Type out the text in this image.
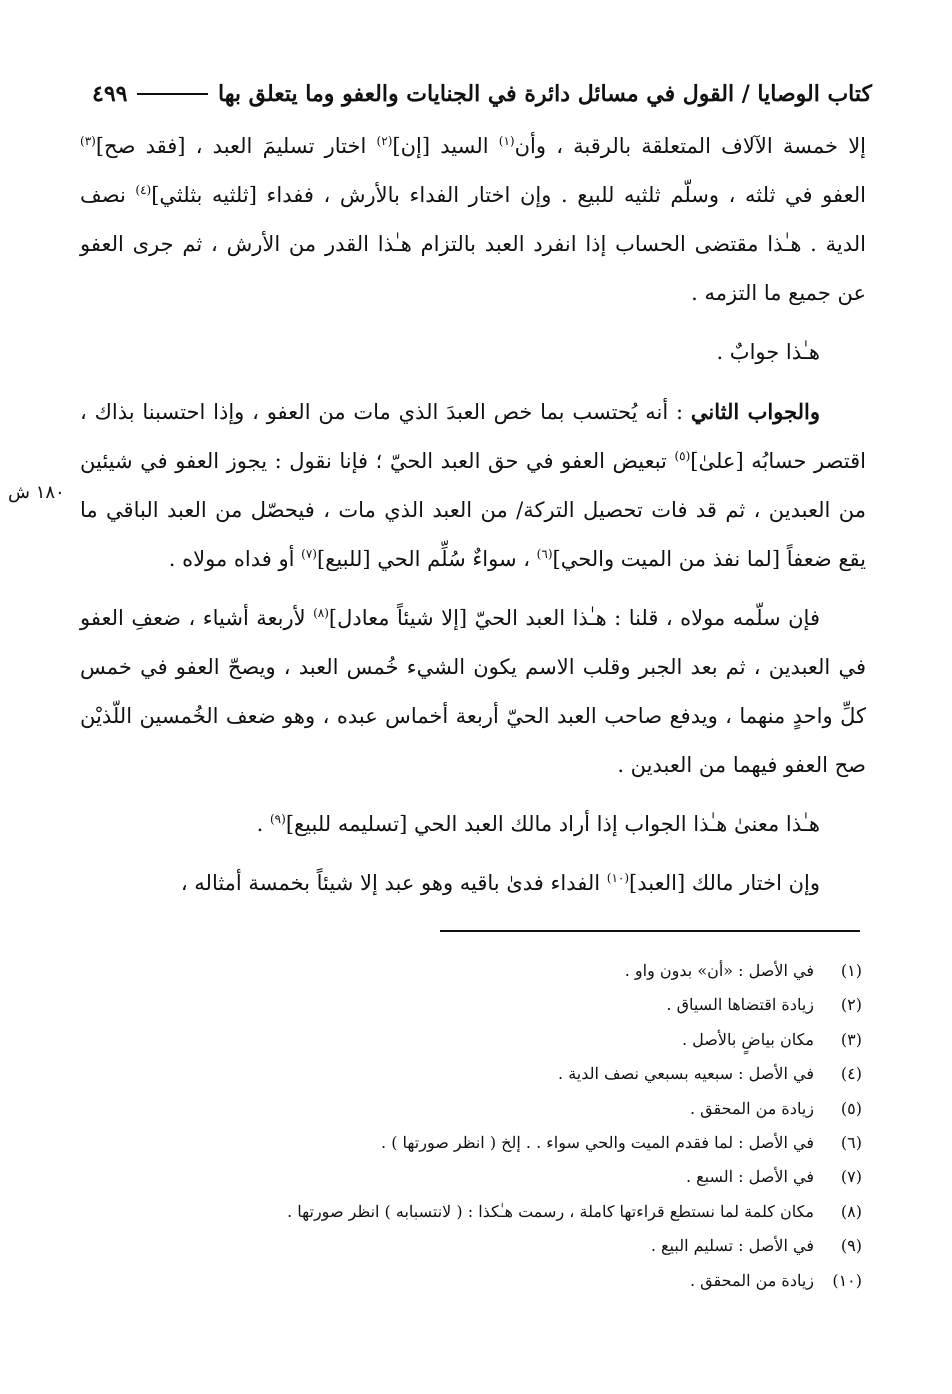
كتاب الوصايا / القول في مسائل دائرة في الجنايات والعفو وما يتعلق بها
٤٩٩
١٨٠ ش

إلا خمسة الآلاف المتعلقة بالرقبة ، وأن$^{(١)}$ السيد [إن]$^{(٢)}$ اختار تسليمَ العبد ، [فقد صح]$^{(٣)}$ العفو في ثلثه ، وسلّم ثلثيه للبيع . وإن اختار الفداء بالأرش ، ففداء [ثلثيه بثلثي]$^{(٤)}$ نصف الدية . هـٰذا مقتضى الحساب إذا انفرد العبد بالتزام هـٰذا القدر من الأرش ، ثم جرى العفو عن جميع ما التزمه .

هـٰذا جوابٌ .

والجواب الثاني : أنه يُحتسب بما خص العبدَ الذي مات من العفو ، وإذا احتسبنا بذاك ، اقتصر حسابُه [علىٰ]$^{(٥)}$ تبعيض العفو في حق العبد الحيّ ؛ فإنا نقول : يجوز العفو في شيئين من العبدين ، ثم قد فات تحصيل التركة/ من العبد الذي مات ، فيحصّل من العبد الباقي ما يقع ضعفاً [لما نفذ من الميت والحي]$^{(٦)}$ ، سواءٌ سُلِّم الحي [للبيع]$^{(٧)}$ أو فداه مولاه .

فإن سلّمه مولاه ، قلنا : هـٰذا العبد الحيّ [إلا شيئاً معادل]$^{(٨)}$ لأربعة أشياء ، ضعفِ العفو في العبدين ، ثم بعد الجبر وقلب الاسم يكون الشيء خُمس العبد ، ويصحّ العفو في خمس كلِّ واحدٍ منهما ، ويدفع صاحب العبد الحيّ أربعة أخماس عبده ، وهو ضعف الخُمسين اللّذيْن صح العفو فيهما من العبدين .

هـٰذا معنىٰ هـٰذا الجواب إذا أراد مالك العبد الحي [تسليمه للبيع]$^{(٩)}$ .

وإن اختار مالك [العبد]$^{(١٠)}$ الفداء فدىٰ باقيه وهو عبد إلا شيئاً بخمسة أمثاله ،

(١)
في الأصل : «أن» بدون واو .
(٢)
زيادة اقتضاها السياق .
(٣)
مكان بياضٍ بالأصل .
(٤)
في الأصل : سبعيه بسبعي نصف الدية .
(٥)
زيادة من المحقق .
(٦)
في الأصل : لما فقدم الميت والحي سواء . . إلخ ( انظر صورتها ) .
(٧)
في الأصل : السبع .
(٨)
مكان كلمة لما نستطع قراءتها كاملة ، رسمت هـٰكذا : ( لانتسبابه ) انظر صورتها .
(٩)
في الأصل : تسليم البيع .
(١٠)
زيادة من المحقق .
